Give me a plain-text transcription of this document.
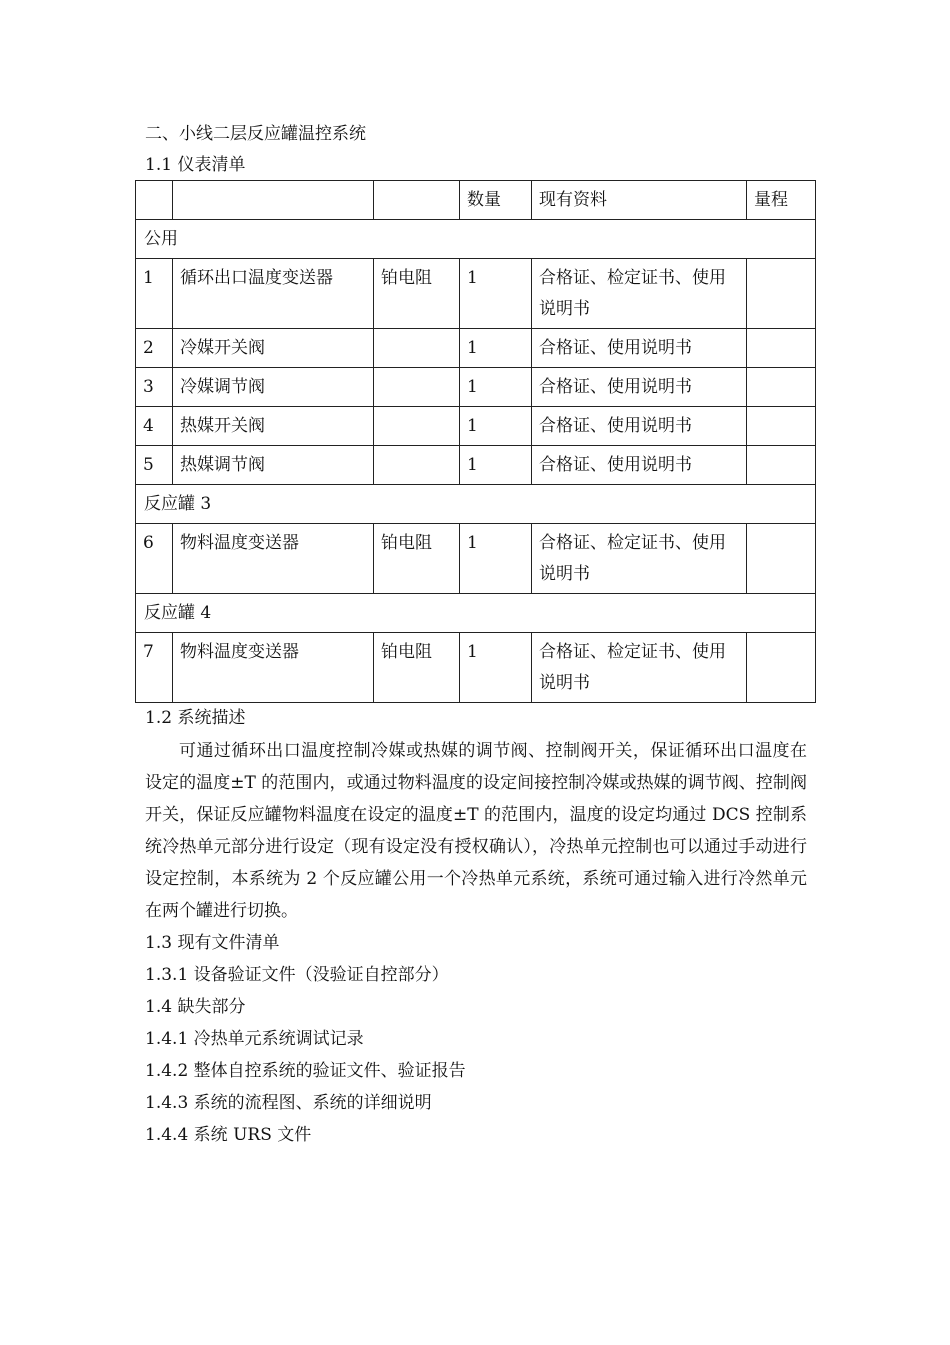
二、小线二层反应罐温控系统
1.1 仪表清单
			数量	现有资料	量程
公用					
1	循环出口温度变送器	铂电阻	1	合格证、检定证书、使用说明书	
2	冷媒开关阀		1	合格证、使用说明书	
3	冷媒调节阀		1	合格证、使用说明书	
4	热媒开关阀		1	合格证、使用说明书	
5	热媒调节阀		1	合格证、使用说明书	
反应罐 3					
6	物料温度变送器	铂电阻	1	合格证、检定证书、使用说明书	
反应罐 4					
7	物料温度变送器	铂电阻	1	合格证、检定证书、使用说明书	
1.2 系统描述
可通过循环出口温度控制冷媒或热媒的调节阀、控制阀开关，保证循环出口温度在设定的温度±T 的范围内，或通过物料温度的设定间接控制冷媒或热媒的调节阀、控制阀开关，保证反应罐物料温度在设定的温度±T 的范围内，温度的设定均通过 DCS 控制系统冷热单元部分进行设定（现有设定没有授权确认），冷热单元控制也可以通过手动进行设定控制，本系统为 2 个反应罐公用一个冷热单元系统，系统可通过输入进行冷然单元在两个罐进行切换。
1.3 现有文件清单
1.3.1 设备验证文件（没验证自控部分）
1.4 缺失部分
1.4.1 冷热单元系统调试记录
1.4.2 整体自控系统的验证文件、验证报告
1.4.3 系统的流程图、系统的详细说明
1.4.4 系统 URS 文件
